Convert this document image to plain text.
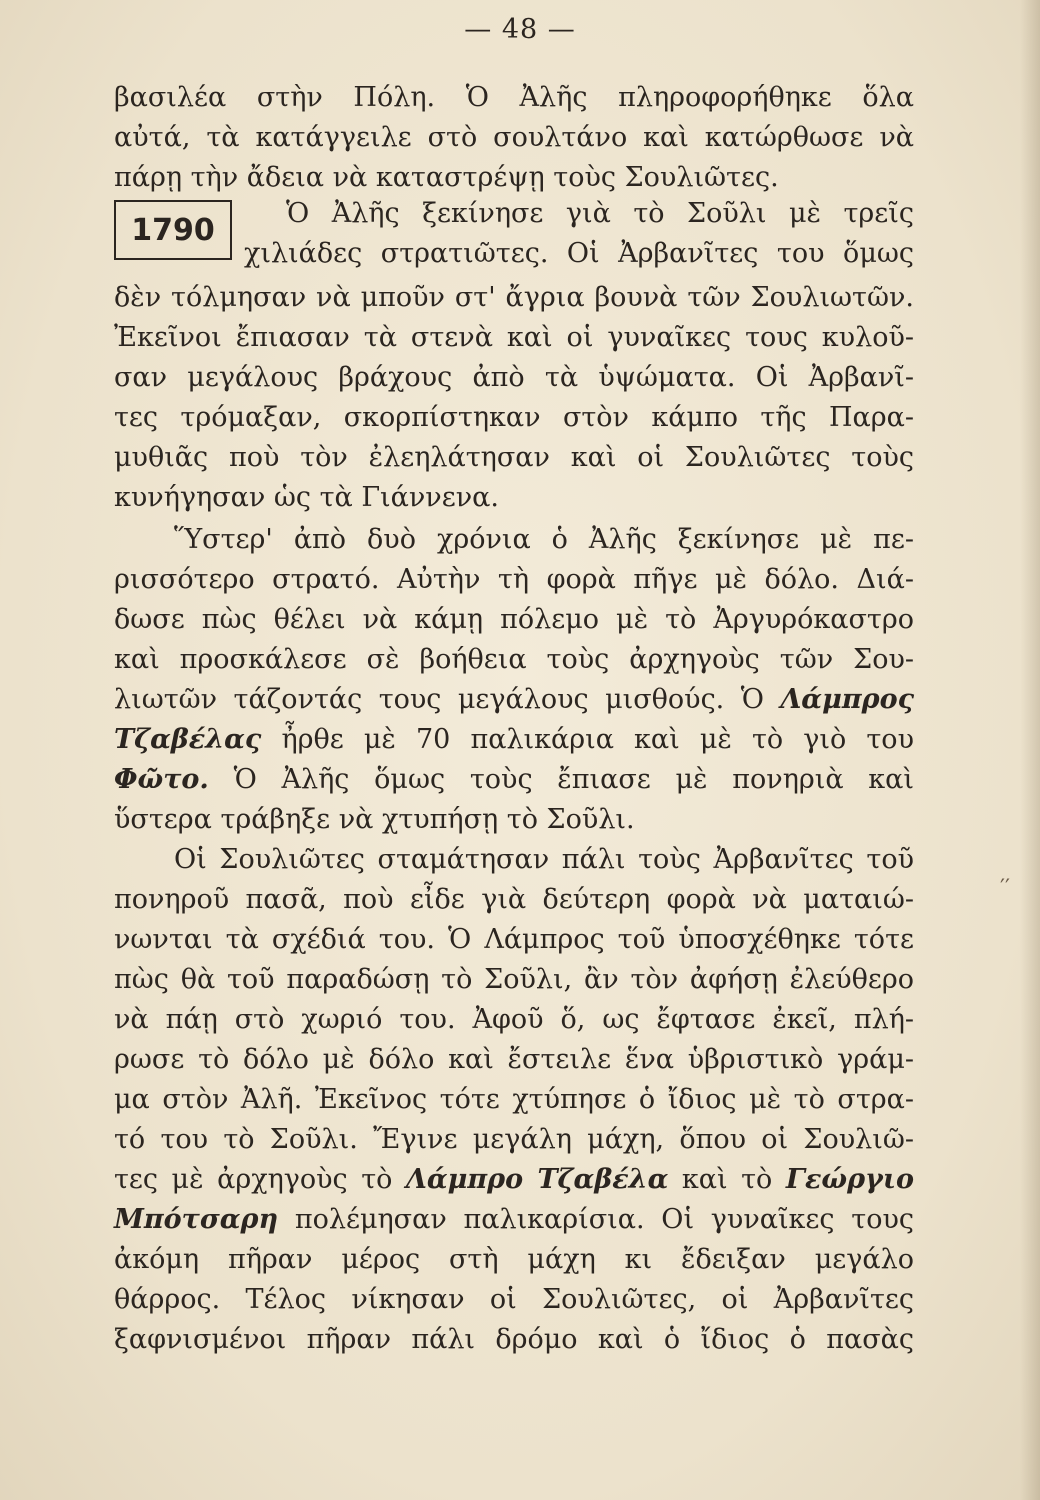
— 48 —
βασιλέα στὴν Πόλη. Ὁ Ἀλῆς πληροφορήθηκε ὅλα
αὐτά, τὰ κατάγγειλε στὸ σουλτάνο καὶ κατώρθωσε νὰ
πάρῃ τὴν ἄδεια νὰ καταστρέψῃ τοὺς Σουλιῶτες.
1790	Ὁ Ἀλῆς ξεκίνησε γιὰ τὸ Σοῦλι μὲ τρεῖς
χιλιάδες στρατιῶτες. Οἱ Ἀρβανῖτες του ὅμως
δὲν τόλμησαν νὰ μποῦν στ' ἄγρια βουνὰ τῶν Σουλιωτῶν.
Ἐκεῖνοι ἔπιασαν τὰ στενὰ καὶ οἱ γυναῖκες τους κυλοῦ-
σαν μεγάλους βράχους ἀπὸ τὰ ὑψώματα. Οἱ Ἀρβανῖ-
τες τρόμαξαν, σκορπίστηκαν στὸν κάμπο τῆς Παρα-
μυθιᾶς ποὺ τὸν ἐλεηλάτησαν καὶ οἱ Σουλιῶτες τοὺς
κυνήγησαν ὡς τὰ Γιάννενα.
Ὕστερ' ἀπὸ δυὸ χρόνια ὁ Ἀλῆς ξεκίνησε μὲ πε-
ρισσότερο στρατό. Αὐτὴν τὴ φορὰ πῆγε μὲ δόλο. Διά-
δωσε πὼς θέλει νὰ κάμῃ πόλεμο μὲ τὸ Ἀργυρόκαστρο
καὶ προσκάλεσε σὲ βοήθεια τοὺς ἀρχηγοὺς τῶν Σου-
λιωτῶν τάζοντάς τους μεγάλους μισθούς. Ὁ Λάμπρος
Τζαβέλας ἦρθε μὲ 70 παλικάρια καὶ μὲ τὸ γιὸ του
Φῶτο. Ὁ Ἀλῆς ὅμως τοὺς ἔπιασε μὲ πονηριὰ καὶ
ὕστερα τράβηξε νὰ χτυπήσῃ τὸ Σοῦλι.
Οἱ Σουλιῶτες σταμάτησαν πάλι τοὺς Ἀρβανῖτες τοῦ
πονηροῦ πασᾶ, ποὺ εἶδε γιὰ δεύτερη φορὰ νὰ ματαιώ-
νωνται τὰ σχέδιά του. Ὁ Λάμπρος τοῦ ὑποσχέθηκε τότε
πὼς θὰ τοῦ παραδώσῃ τὸ Σοῦλι, ἂν τὸν ἀφήσῃ ἐλεύθερο
νὰ πάῃ στὸ χωριό του. Ἀφοῦ ὅ, ως ἔφτασε ἐκεῖ, πλή-
ρωσε τὸ δόλο μὲ δόλο καὶ ἔστειλε ἕνα ὑβριστικὸ γράμ-
μα στὸν Ἀλῆ. Ἐκεῖνος τότε χτύπησε ὁ ἴδιος μὲ τὸ στρα-
τό του τὸ Σοῦλι. Ἔγινε μεγάλη μάχη, ὅπου οἱ Σουλιῶ-
τες μὲ ἀρχηγοὺς τὸ Λάμπρο Τζαβέλα καὶ τὸ Γεώργιο
Μπότσαρη πολέμησαν παλικαρίσια. Οἱ γυναῖκες τους
ἀκόμη πῆραν μέρος στὴ μάχη κι ἔδειξαν μεγάλο
θάρρος. Τέλος νίκησαν οἱ Σουλιῶτες, οἱ Ἀρβανῖτες
ξαφνισμένοι πῆραν πάλι δρόμο καὶ ὁ ἴδιος ὁ πασὰς
′′
